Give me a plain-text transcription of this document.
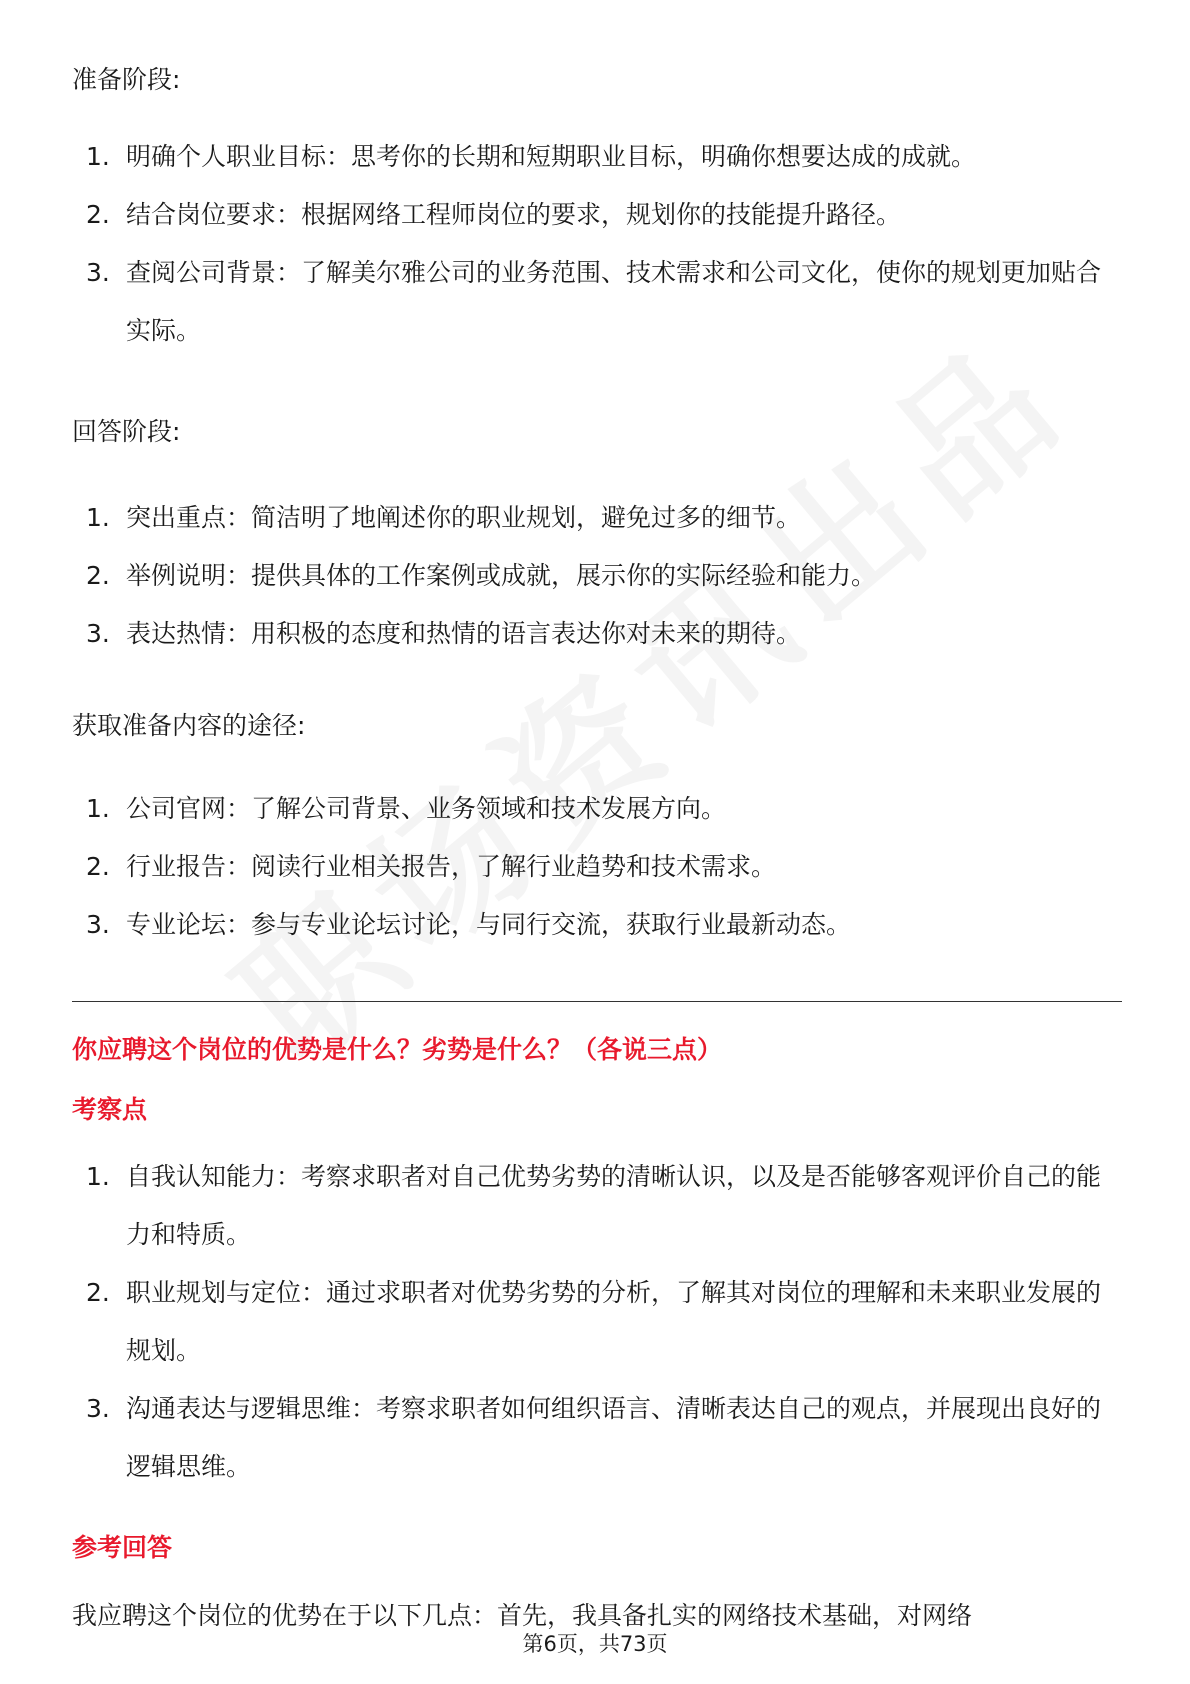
准备阶段:
1. 明确个人职业目标：思考你的长期和短期职业目标，明确你想要达成的成就。
2. 结合岗位要求：根据网络工程师岗位的要求，规划你的技能提升路径。
3. 查阅公司背景：了解美尔雅公司的业务范围、技术需求和公司文化，使你的规划更加贴合实际。
回答阶段:
1. 突出重点：简洁明了地阐述你的职业规划，避免过多的细节。
2. 举例说明：提供具体的工作案例或成就，展示你的实际经验和能力。
3. 表达热情：用积极的态度和热情的语言表达你对未来的期待。
获取准备内容的途径:
1. 公司官网：了解公司背景、业务领域和技术发展方向。
2. 行业报告：阅读行业相关报告，了解行业趋势和技术需求。
3. 专业论坛：参与专业论坛讨论，与同行交流，获取行业最新动态。
你应聘这个岗位的优势是什么？劣势是什么？（各说三点）
考察点
1. 自我认知能力：考察求职者对自己优势劣势的清晰认识，以及是否能够客观评价自己的能力和特质。
2. 职业规划与定位：通过求职者对优势劣势的分析，了解其对岗位的理解和未来职业发展的规划。
3. 沟通表达与逻辑思维：考察求职者如何组织语言、清晰表达自己的观点，并展现出良好的逻辑思维。
参考回答
我应聘这个岗位的优势在于以下几点：首先，我具备扎实的网络技术基础，对网络
第6页，共73页
